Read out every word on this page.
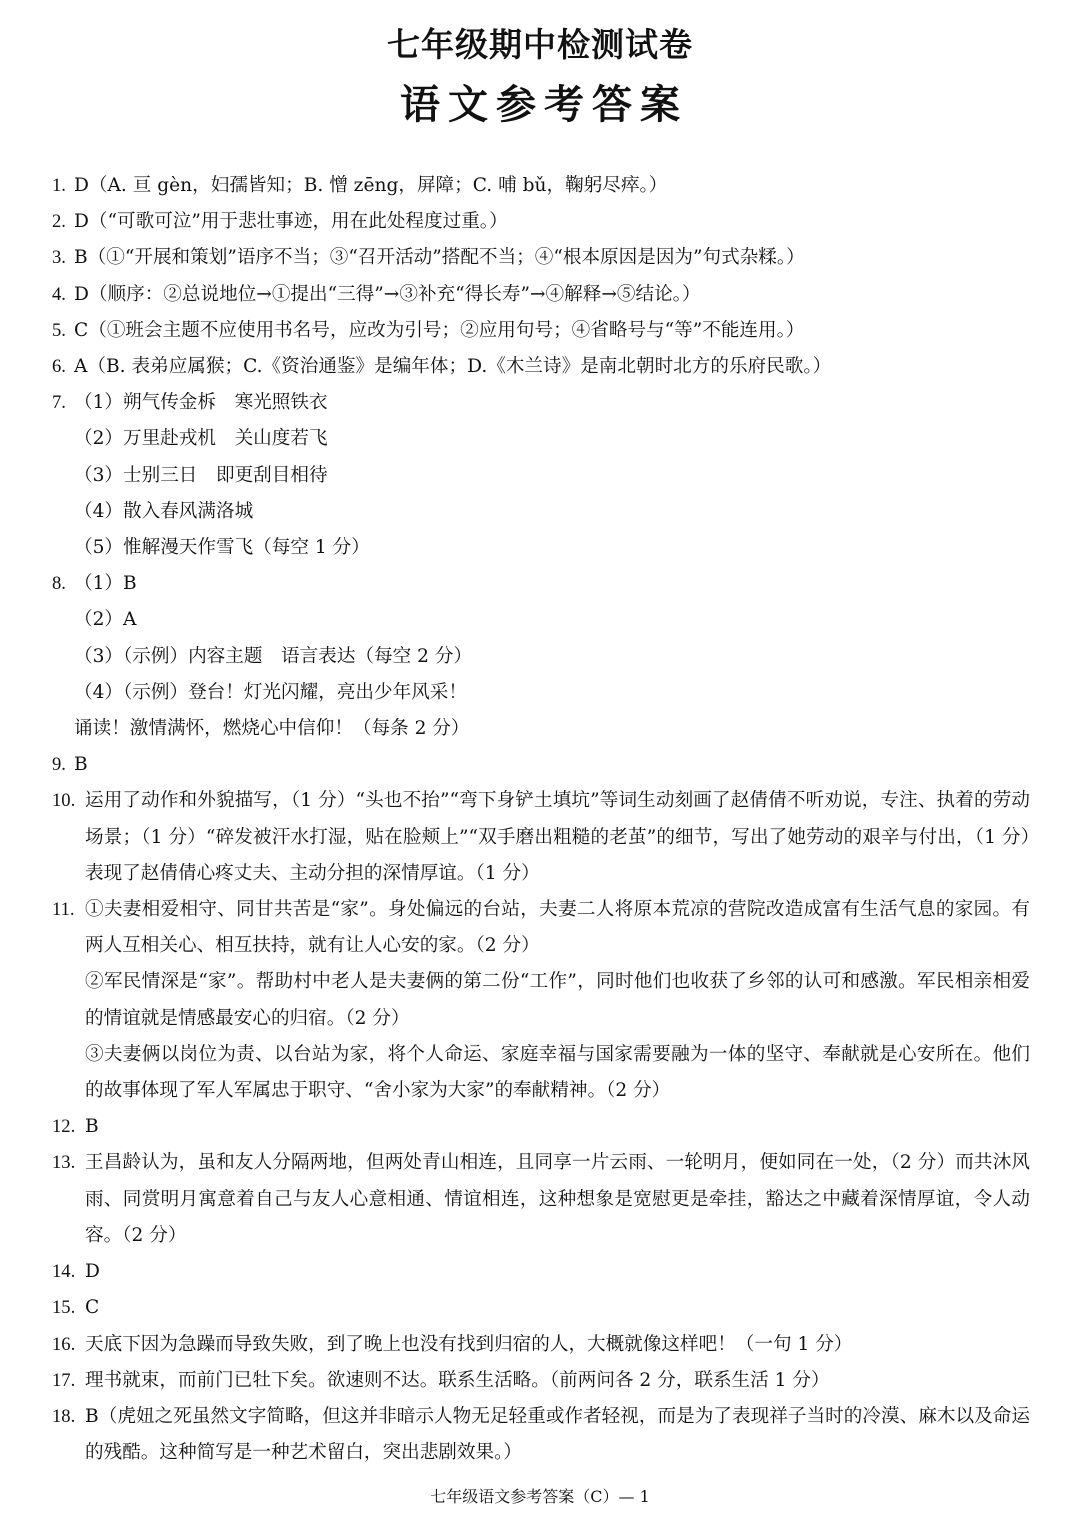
七年级期中检测试卷
语文参考答案
1. D（A. 亘 gèn，妇孺皆知；B. 憎 zēng，屏障；C. 哺 bǔ，鞠躬尽瘁。）

2. D（“可歌可泣”用于悲壮事迹，用在此处程度过重。）

3. B（①“开展和策划”语序不当；③“召开活动”搭配不当；④“根本原因是因为”句式杂糅。）

4. D（顺序：②总说地位→①提出“三得”→③补充“得长寿”→④解释→⑤结论。）

5. C（①班会主题不应使用书名号，应改为引号；②应用句号；④省略号与“等”不能连用。）

6. A（B. 表弟应属猴；C.《资治通鉴》是编年体；D.《木兰诗》是南北朝时北方的乐府民歌。）

7. （1）朔气传金柝　寒光照铁衣

（2）万里赴戎机　关山度若飞

（3）士别三日　即更刮目相待

（4）散入春风满洛城

（5）惟解漫天作雪飞（每空 1 分）

8. （1）B

（2）A

（3）（示例）内容主题　语言表达（每空 2 分）

（4）（示例）登台！灯光闪耀，亮出少年风采！

诵读！激情满怀，燃烧心中信仰！（每条 2 分）

9. B

10. 运用了动作和外貌描写，（1 分）“头也不抬”“弯下身铲土填坑”等词生动刻画了赵倩倩不听劝说，专注、执着的劳动场景；（1 分）“碎发被汗水打湿，贴在脸颊上”“双手磨出粗糙的老茧”的细节，写出了她劳动的艰辛与付出，（1 分）表现了赵倩倩心疼丈夫、主动分担的深情厚谊。（1 分）

11. ①夫妻相爱相守、同甘共苦是“家”。身处偏远的台站，夫妻二人将原本荒凉的营院改造成富有生活气息的家园。有两人互相关心、相互扶持，就有让人心安的家。（2 分）

②军民情深是“家”。帮助村中老人是夫妻俩的第二份“工作”，同时他们也收获了乡邻的认可和感激。军民相亲相爱的情谊就是情感最安心的归宿。（2 分）

③夫妻俩以岗位为责、以台站为家，将个人命运、家庭幸福与国家需要融为一体的坚守、奉献就是心安所在。他们的故事体现了军人军属忠于职守、“舍小家为大家”的奉献精神。（2 分）

12. B

13. 王昌龄认为，虽和友人分隔两地，但两处青山相连，且同享一片云雨、一轮明月，便如同在一处，（2 分）而共沐风雨、同赏明月寓意着自己与友人心意相通、情谊相连，这种想象是宽慰更是牵挂，豁达之中藏着深情厚谊，令人动容。（2 分）

14. D

15. C

16. 天底下因为急躁而导致失败，到了晚上也没有找到归宿的人，大概就像这样吧！（一句 1 分）

17. 理书就束，而前门已牡下矣。欲速则不达。联系生活略。（前两问各 2 分，联系生活 1 分）

18. B（虎妞之死虽然文字简略，但这并非暗示人物无足轻重或作者轻视，而是为了表现祥子当时的冷漠、麻木以及命运的残酷。这种简写是一种艺术留白，突出悲剧效果。）

七年级语文参考答案（C）— 1
